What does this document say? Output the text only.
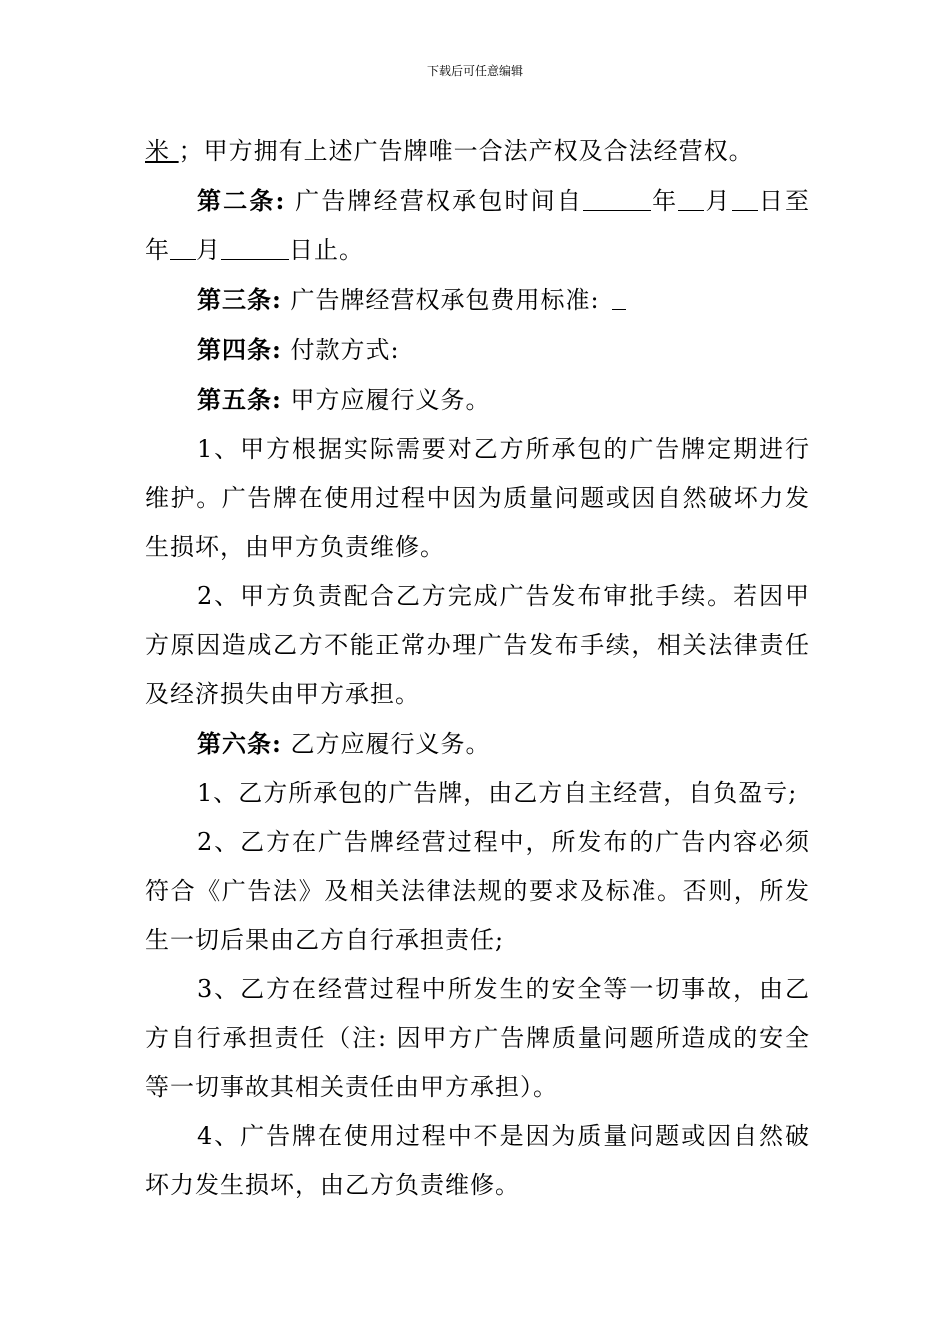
下载后可任意编辑

米 ；甲方拥有上述广告牌唯一合法产权及合法经营权。

第二条: 广告牌经营权承包时间自	年 月 日至年 月	日止。

第三条: 广告牌经营权承包费用标准:

第四条: 付款方式:

第五条: 甲方应履行义务。

1、甲方根据实际需要对乙方所承包的广告牌定期进行维护。广告牌在使用过程中因为质量问题或因自然破坏力发生损坏，由甲方负责维修。

2、甲方负责配合乙方完成广告发布审批手续。若因甲方原因造成乙方不能正常办理广告发布手续，相关法律责任及经济损失由甲方承担。

第六条: 乙方应履行义务。

1、乙方所承包的广告牌，由乙方自主经营，自负盈亏;

2、乙方在广告牌经营过程中，所发布的广告内容必须符合《广告法》及相关法律法规的要求及标准。否则，所发生一切后果由乙方自行承担责任;

3、乙方在经营过程中所发生的安全等一切事故，由乙方自行承担责任（注: 因甲方广告牌质量问题所造成的安全等一切事故其相关责任由甲方承担）。

4、广告牌在使用过程中不是因为质量问题或因自然破坏力发生损坏，由乙方负责维修。
